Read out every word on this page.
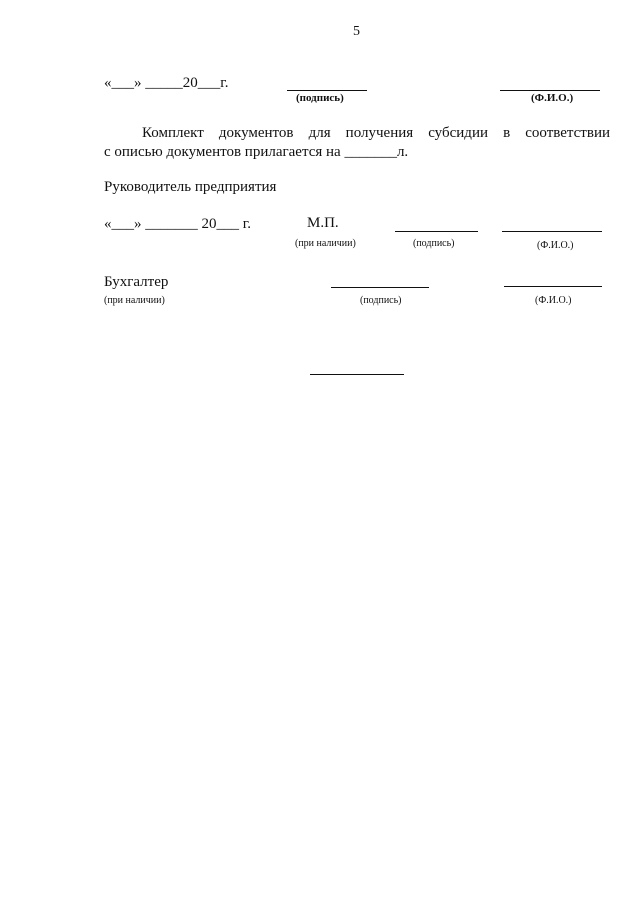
5
«___» _____20___г.
(подпись)	(Ф.И.О.)
Комплект документов для получения субсидии в соответствии
с описью документов прилагается на _______л.
Руководитель предприятия
«___» _______ 20___ г.	М.П.
(при наличии)	(подпись)	(Ф.И.О.)
Бухгалтер
(при наличии)	(подпись)	(Ф.И.О.)
